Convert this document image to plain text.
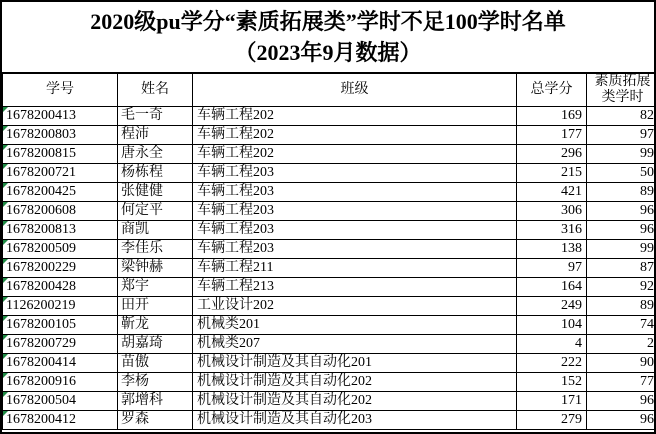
2020级pu学分“素质拓展类”学时不足100学时名单
（2023年9月数据）
学号	姓名	班级	总学分	素质拓展类学时

1678200413	毛一奇	车辆工程202	169	82

1678200803	程沛	车辆工程202	177	97

1678200815	唐永全	车辆工程202	296	99

1678200721	杨栋程	车辆工程203	215	50

1678200425	张健健	车辆工程203	421	89

1678200608	何定平	车辆工程203	306	96

1678200813	商凯	车辆工程203	316	96

1678200509	李佳乐	车辆工程203	138	99

1678200229	梁钟赫	车辆工程211	97	87

1678200428	郑宇	车辆工程213	164	92

1126200219	田开	工业设计202	249	89

1678200105	靳龙	机械类201	104	74

1678200729	胡嘉琦	机械类207	4	2

1678200414	苗傲	机械设计制造及其自动化201	222	90

1678200916	李杨	机械设计制造及其自动化202	152	77

1678200504	郭增科	机械设计制造及其自动化202	171	96

1678200412	罗森	机械设计制造及其自动化203	279	96
